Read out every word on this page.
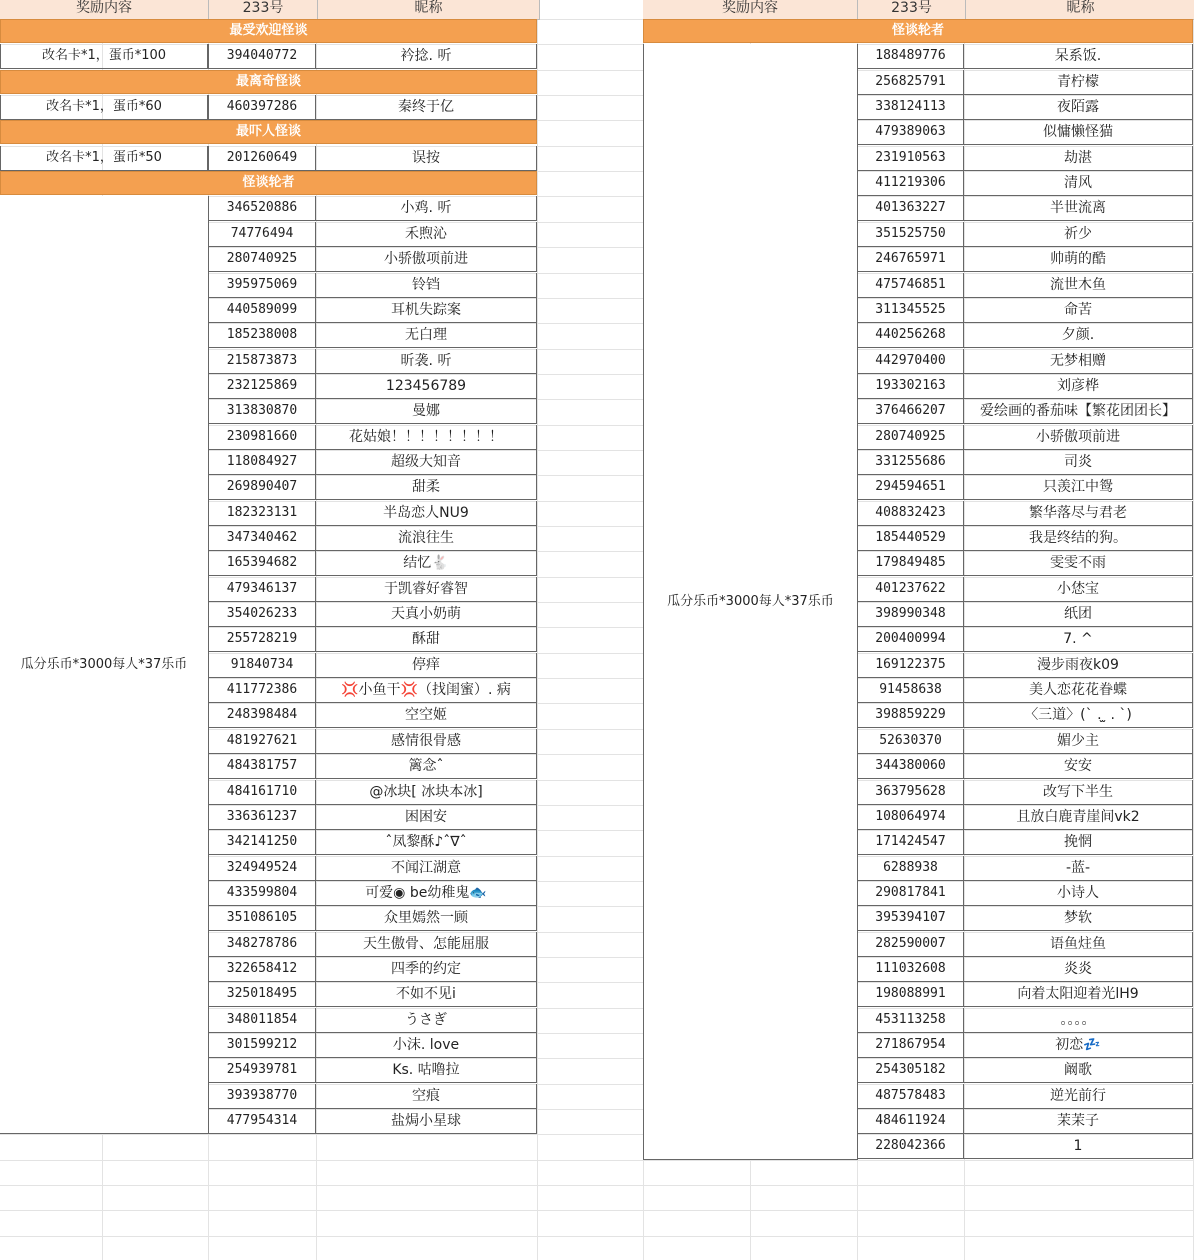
奖励内容	233号	昵称
最受欢迎怪谈
改名卡*1，蛋币*100	394040772	衿捻. 听
最离奇怪谈
改名卡*1，蛋币*60	460397286	秦终于亿
最吓人怪谈
改名卡*1，蛋币*50	201260649	误按
怪谈轮者
346520886	小鸡. 听
74776494	禾煦沁
280740925	小骄傲项前进
395975069	铃铛
440589099	耳机失踪案
185238008	无白理
215873873	昕袭. 听
232125869	123456789
313830870	曼娜
230981660	花姑娘！！！！！！！！
118084927	超级大知音
269890407	甜柔
182323131	半岛恋人NU9
347340462	流浪往生
165394682	结忆🐇
479346137	于凯睿好睿智
354026233	天真小奶萌
255728219	酥甜
91840734	停痒
411772386	💢小鱼干💢（找闺蜜）. 病
248398484	空空姬
481927621	感情很骨感
484381757	篱念ˆ
484161710	@冰块[ 冰块本冰]
336361237	困困安
342141250	ˆ凤黎酥♪ˆ∇ˆ
324949524	不闻江湖意
433599804	可爱◉ be幼稚鬼🐟
351086105	众里嫣然一顾
348278786	天生傲骨、怎能屈服
322658412	四季的约定
325018495	不如不见i
348011854	うさぎ
301599212	小沫. love
254939781	Ks. 咕噜拉
393938770	空痕
477954314	盐焗小星球
瓜分乐币*3000 每人*37乐币
奖励内容	233号	昵称
怪谈轮者
188489776	呆系饭.
256825791	青柠檬
338124113	夜陌露
479389063	似慵懒怪猫
231910563	劫湛
411219306	清风
401363227	半世流离
351525750	祈少
246765971	帅萌的酷
475746851	流世木鱼
311345525	命苦
440256268	夕颜.
442970400	无梦相赠
193302163	刘彦桦
376466207	爱绘画的番茄味【繁花团团长】
280740925	小骄傲项前进
331255686	司炎
294594651	只羡江中鸳
408832423	繁华落尽与君老
185440529	我是终结的狗。
179849485	雯雯不雨
401237622	小恷宝
398990348	纸团
200400994	7. ^
169122375	漫步雨夜k09
91458638	美人恋花花眷蝶
398859229	〈三道〉(ˋ . ̫ . ˋ)
52630370	媚少主
344380060	安安
363795628	改写下半生
108064974	且放白鹿青崖间vk2
171424547	挽惘
6288938	-蓝-
290817841	小诗人
395394107	梦软
282590007	语鱼炷鱼
111032608	炎炎
198088991	向着太阳迎着光lH9
453113258	。。。。
271867954	初恋💤
254305182	阚歌
487578483	逆光前行
484611924	茉茉子
228042366	1
瓜分乐币*3000 每人*37乐币
